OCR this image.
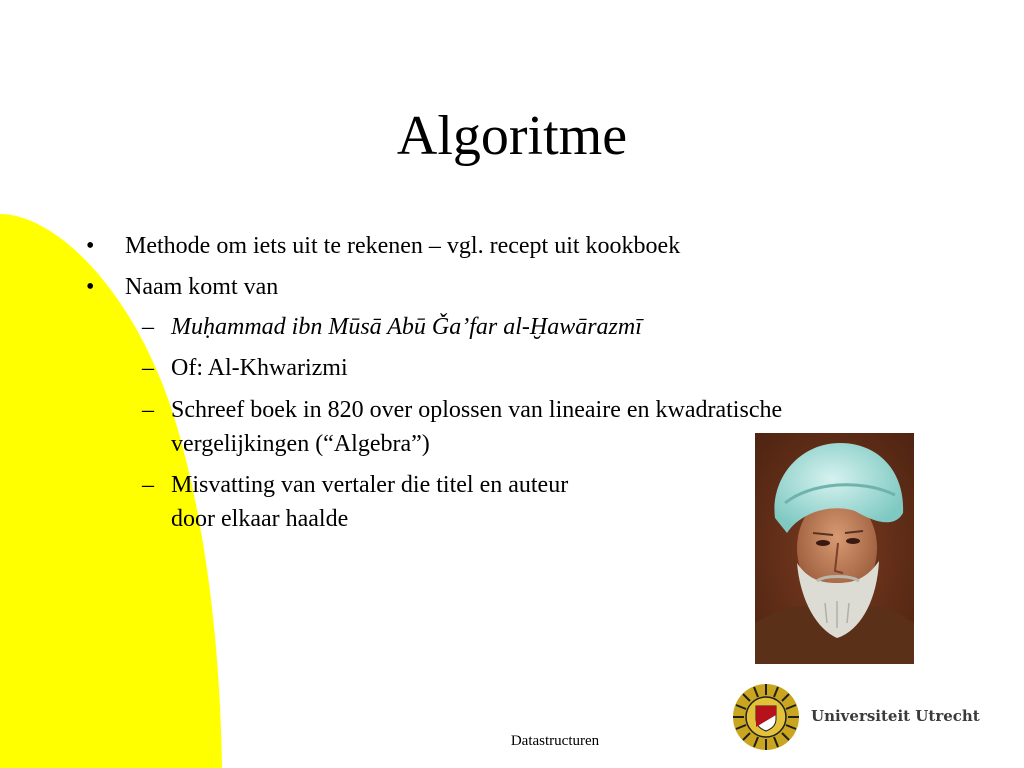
Algoritme
• Methode om iets uit te rekenen – vgl. recept uit kookboek
• Naam komt van
– Muḥammad ibn Mūsā Abū Ǧa’far al-Ḫawārazmī
– Of: Al-Khwarizmi
– Schreef boek in 820 over oplossen van lineaire en kwadratische
vergelijkingen (“Algebra”)
– Misvatting van vertaler die titel en auteur
door elkaar haalde
Datastructuren
Universiteit Utrecht
